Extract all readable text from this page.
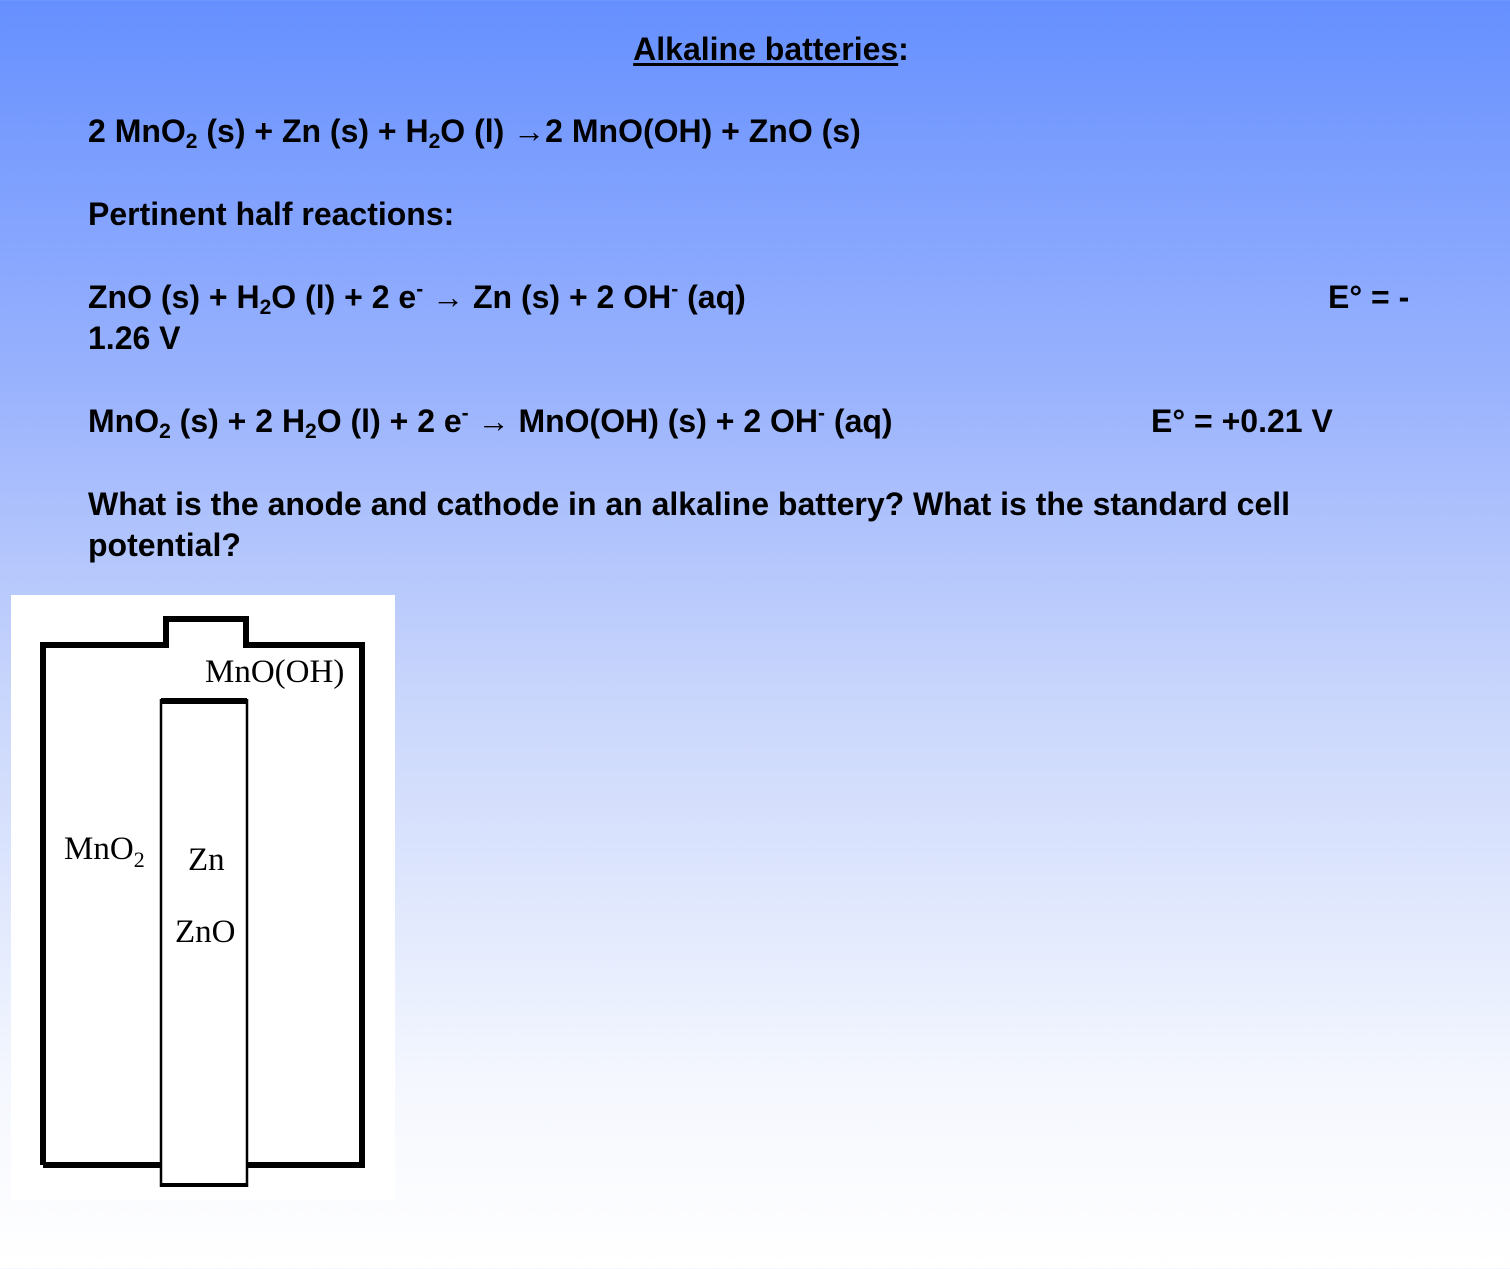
Alkaline batteries:
2 MnO$_2$ (s) + Zn $(s) + H_2O$ (l) →2 MnO(OH) + ZnO (s)
Pertinent half reactions:
ZnO $(s) + H_2O$ (l) + 2 e- → Zn (s) + 2 OH- (aq)	E° = -
1.26 V
MnO$_2$ (s) + 2 $H_2O$ (l) + 2 e- → MnO(OH) (s) + 2 OH- (aq)	E° = +0.21 V
What is the anode and cathode in an alkaline battery? What is the standard cell
potential?
MnO(OH)
MnO$_2$ Zn
ZnO
